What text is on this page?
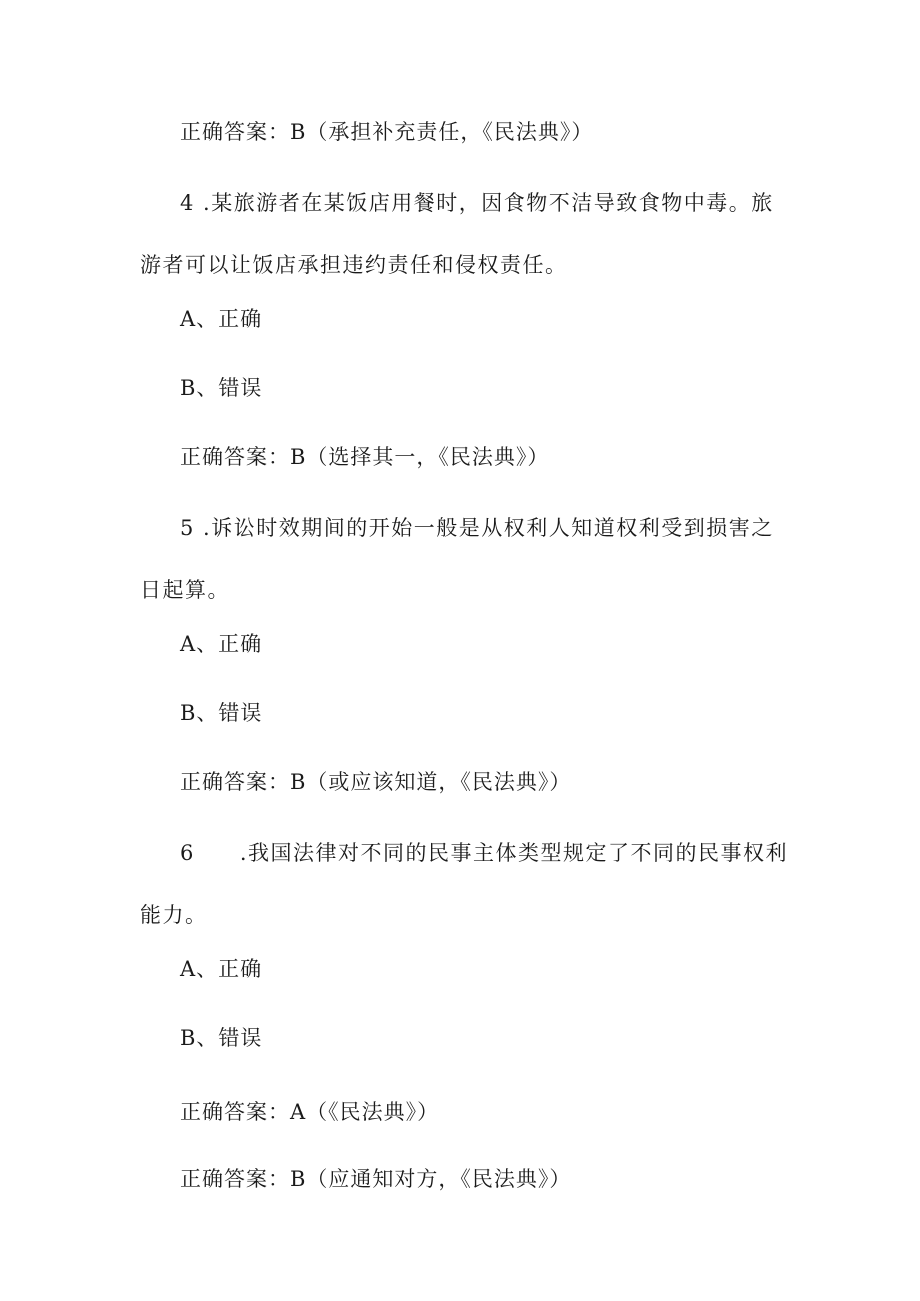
正确答案：B（承担补充责任，《民法典》）
4 .某旅游者在某饭店用餐时，因食物不洁导致食物中毒。旅游者可以让饭店承担违约责任和侵权责任。
A、正确
B、错误
正确答案：B（选择其一，《民法典》）
5 .诉讼时效期间的开始一般是从权利人知道权利受到损害之日起算。
A、正确
B、错误
正确答案：B（或应该知道，《民法典》）
6　　.我国法律对不同的民事主体类型规定了不同的民事权利能力。
A、正确
B、错误
正确答案：A（《民法典》）
正确答案：B（应通知对方，《民法典》）
